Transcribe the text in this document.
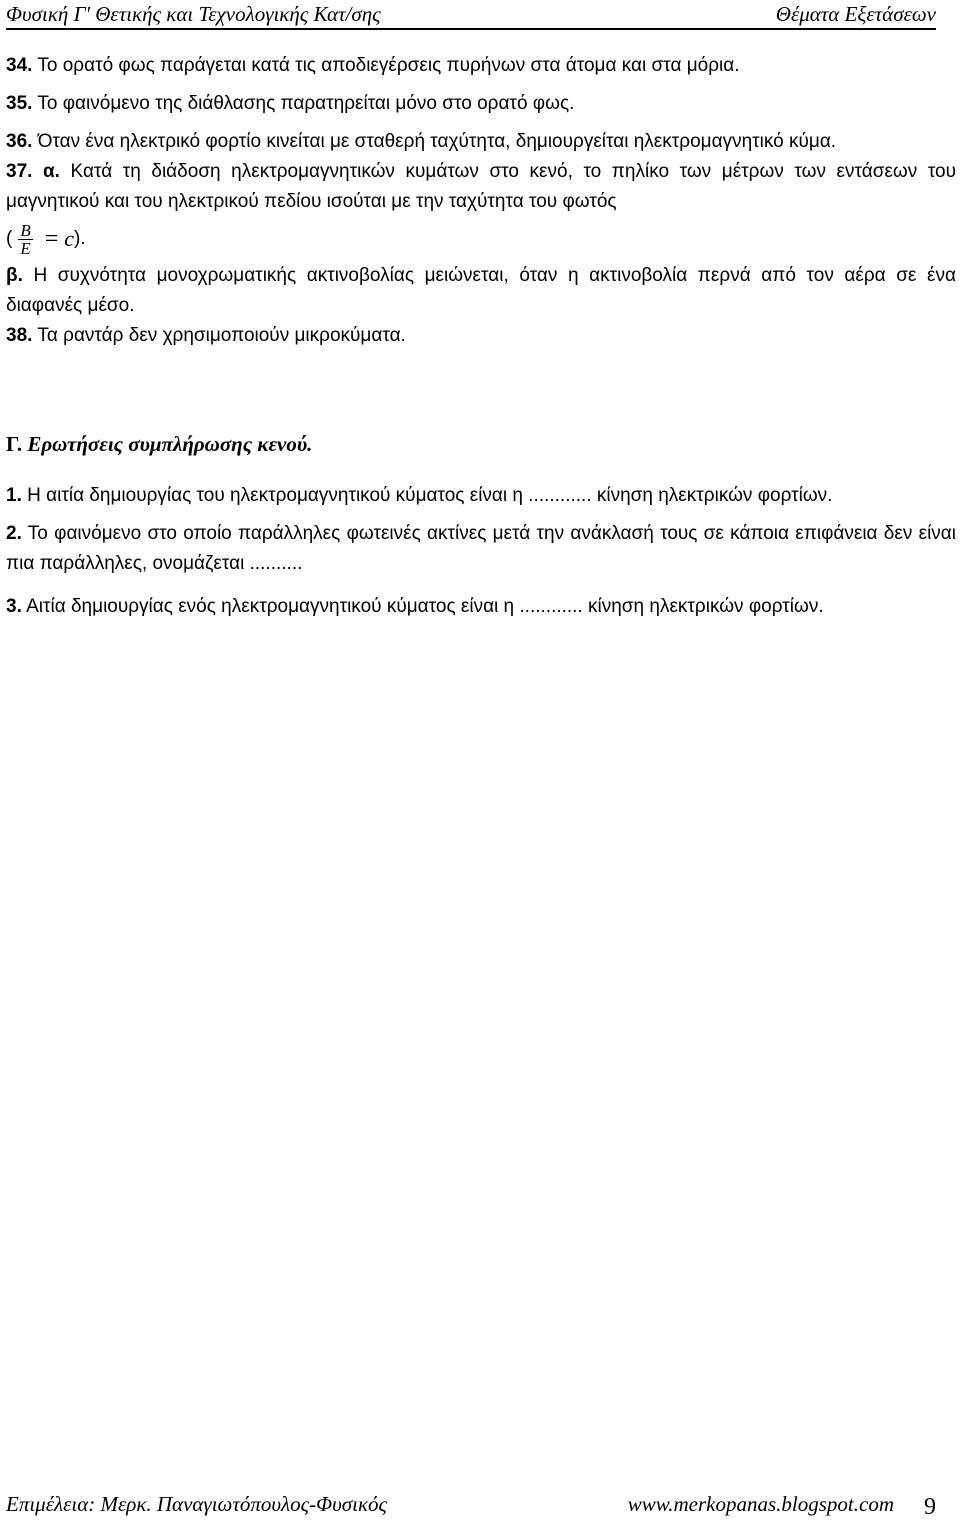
Φυσική Γ' Θετικής και Τεχνολογικής Κατ/σης	Θέματα Εξετάσεων

34. Το ορατό φως παράγεται κατά τις αποδιεγέρσεις πυρήνων στα άτομα και στα μόρια.

35. Το φαινόμενο της διάθλασης παρατηρείται μόνο στο ορατό φως.

36. Όταν ένα ηλεκτρικό φορτίο κινείται με σταθερή ταχύτητα, δημιουργείται ηλεκτρομαγνητικό κύμα.

37. α. Κατά τη διάδοση ηλεκτρομαγνητικών κυμάτων στο κενό, το πηλίκο των μέτρων των εντάσεων του μαγνητικού και του ηλεκτρικού πεδίου ισούται με την ταχύτητα του φωτός

( $\frac{B}{E} = c$).

β. Η συχνότητα μονοχρωματικής ακτινοβολίας μειώνεται, όταν η ακτινοβολία περνά από τον αέρα σε ένα διαφανές μέσο.

38. Τα ραντάρ δεν χρησιμοποιούν μικροκύματα.

Γ. Ερωτήσεις συμπλήρωσης κενού.

1. Η αιτία δημιουργίας του ηλεκτρομαγνητικού κύματος είναι η ............ κίνηση ηλεκτρικών φορτίων.

2. Το φαινόμενο στο οποίο παράλληλες φωτεινές ακτίνες μετά την ανάκλασή τους σε κάποια επιφάνεια δεν είναι πια παράλληλες, ονομάζεται ..........

3. Αιτία δημιουργίας ενός ηλεκτρομαγνητικού κύματος είναι η ............ κίνηση ηλεκτρικών φορτίων.

Επιμέλεια: Μερκ. Παναγιωτόπουλος-Φυσικός	www.merkopanas.blogspot.com 9
